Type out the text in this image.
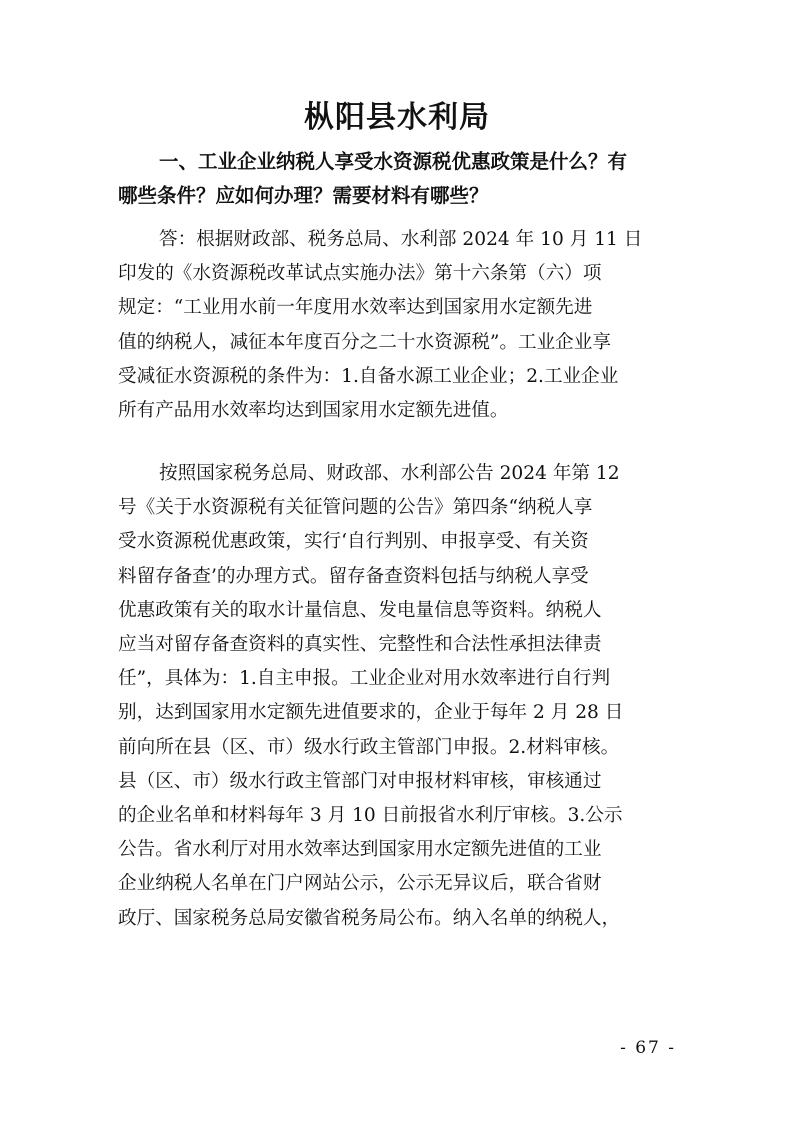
枞阳县水利局
一、工业企业纳税人享受水资源税优惠政策是什么？有
哪些条件？应如何办理？需要材料有哪些？
答：根据财政部、税务总局、水利部 2024 年 10 月 11 日
印发的《水资源税改革试点实施办法》第十六条第（六）项
规定：“工业用水前一年度用水效率达到国家用水定额先进
值的纳税人，减征本年度百分之二十水资源税”。工业企业享
受减征水资源税的条件为：1.自备水源工业企业；2.工业企业
所有产品用水效率均达到国家用水定额先进值。
按照国家税务总局、财政部、水利部公告 2024 年第 12
号《关于水资源税有关征管问题的公告》第四条“纳税人享
受水资源税优惠政策，实行‘自行判别、申报享受、有关资
料留存备查’的办理方式。留存备查资料包括与纳税人享受
优惠政策有关的取水计量信息、发电量信息等资料。纳税人
应当对留存备查资料的真实性、完整性和合法性承担法律责
任”，具体为：1.自主申报。工业企业对用水效率进行自行判
别，达到国家用水定额先进值要求的，企业于每年 2 月 28 日
前向所在县（区、市）级水行政主管部门申报。2.材料审核。
县（区、市）级水行政主管部门对申报材料审核，审核通过
的企业名单和材料每年 3 月 10 日前报省水利厅审核。3.公示
公告。省水利厅对用水效率达到国家用水定额先进值的工业
企业纳税人名单在门户网站公示，公示无异议后，联合省财
政厅、国家税务总局安徽省税务局公布。纳入名单的纳税人，
- 67 -
